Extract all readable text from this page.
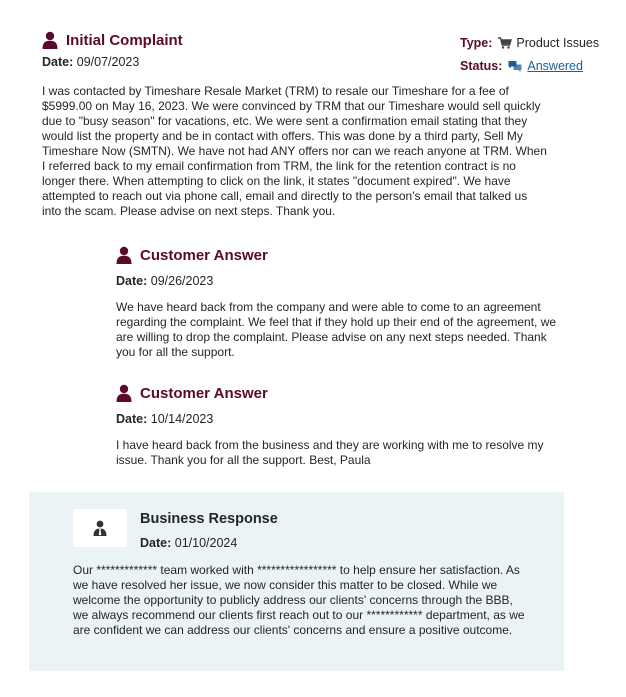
Initial Complaint
Date: 09/07/2023
Type: Product Issues
Status: Answered
I was contacted by Timeshare Resale Market (TRM) to resale our Timeshare for a fee of $5999.00 on May 16, 2023. We were convinced by TRM that our Timeshare would sell quickly due to "busy season" for vacations, etc. We were sent a confirmation email stating that they would list the property and be in contact with offers. This was done by a third party, Sell My Timeshare Now (SMTN). We have not had ANY offers nor can we reach anyone at TRM. When I referred back to my email confirmation from TRM, the link for the retention contract is no longer there. When attempting to click on the link, it states "document expired". We have attempted to reach out via phone call, email and directly to the person's email that talked us into the scam. Please advise on next steps. Thank you.
Customer Answer
Date: 09/26/2023
We have heard back from the company and were able to come to an agreement regarding the complaint. We feel that if they hold up their end of the agreement, we are willing to drop the complaint. Please advise on any next steps needed. Thank you for all the support.
Customer Answer
Date: 10/14/2023
I have heard back from the business and they are working with me to resolve my issue. Thank you for all the support. Best, Paula
Business Response
Date: 01/10/2024
Our ************* team worked with ***************** to help ensure her satisfaction. As we have resolved her issue, we now consider this matter to be closed. While we welcome the opportunity to publicly address our clients' concerns through the BBB, we always recommend our clients first reach out to our ************ department, as we are confident we can address our clients' concerns and ensure a positive outcome.
